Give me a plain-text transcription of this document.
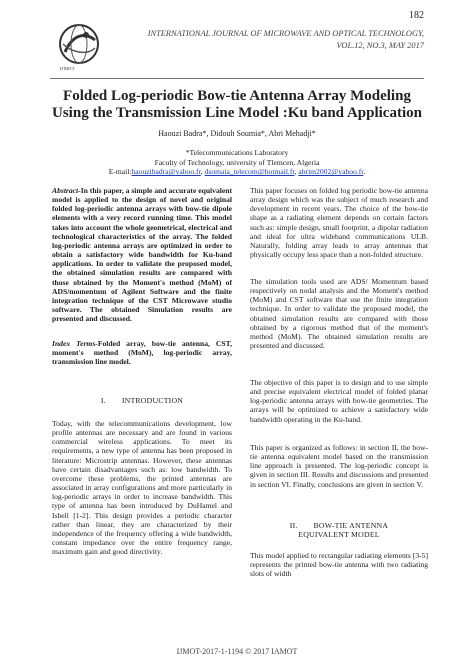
182
IJMOT
INTERNATIONAL JOURNAL OF MICROWAVE AND OPTICAL TECHNOLOGY,
VOL.12, NO.3, MAY 2017
Folded Log-periodic Bow-tie Antenna Array Modeling
Using the Transmission Line Model :Ku band Application
Haouzi Badra*, Didouh Soumia*, Abri Mehadji*
*Telecommunications Laboratory
Faculty of Technology, university of Tlemcen, Algeria
E-mail:haouzibadra@yahoo.fr, dsomaia_telecom@hotmail.fr, abrim2002@yahoo.fr.
Abstract-In this paper, a simple and accurate equivalent model is applied to the design of novel and original folded log-periodic antenna arrays with bow-tie dipole elements with a very record running time. This model takes into account the whole geometrical, electrical and technological characteristics of the array. The folded log-periodic antenna arrays are optimized in order to obtain a satisfactory wide bandwidth for Ku-band applications. In order to validate the proposed model, the obtained simulation results are compared with those obtained by the Moment's method (MoM) of ADS/momentum of Agilent Software and the finite integration technique of the CST Microwave studio software. The obtained Simulation results are presented and discussed.
Index Terms-Folded array, bow-tie antenna, CST, moment's method (MoM), log-periodic array, transmission line model.
I.  INTRODUCTION
Today, with the telecommunications development, low profile antennas are necessary and are found in various commercial wireless applications. To meet its requirements, a new type of antenna has been proposed in literature: Microstrip antennas. However, these antennas have certain disadvantages such as: low bandwidth. To overcome these problems, the printed antennas are associated in array configurations and more particularly in log-periodic arrays in order to increase bandwidth. This type of antenna has been introduced by DuHamel and Isbell [1-2]. This design provides a periodic character rather than linear, they are characterized by their independence of the frequency offering a wide bandwidth, constant impedance over the entire frequency range, maximum gain and good directivity.
This paper focuses on folded log periodic bow-tie antenna array design which was the subject of much research and development in recent years. The choice of the bow-tie shape as a radiating element depends on certain factors such as: simple design, small footprint, a dipolar radiation and ideal for ultra wideband communications ULB. Naturally, folding array leads to array antennas that physically occupy less space than a non-folded structure.
The simulation tools used are ADS/ Momentum based respectively on nodal analysis and the Moment's method (MoM) and CST software that use the finite integration technique. In order to validate the proposed model, the obtained simulation results are compared with those obtained by a rigorous method that of the moment's method (MoM). The obtained simulation results are presented and discussed.
The objective of this paper is to design and to use simple and precise equivalent electrical model of folded planar log-periodic antenna arrays with bow-tie geometries. The arrays will be optimized to achieve a satisfactory wide bandwidth operating in the Ku-band.
This paper is organized as follows: in section II, the bow-tie antenna equivalent model based on the transmission line approach is presented. The log-periodic concept is given in section III. Results and discussions and presented in section VI. Finally, conclusions are given in section V.
II.  BOW-TIE ANTENNA
EQUIVALENT MODEL
This model applied to rectangular radiating elements [3-5] represents the printed bow-tie antenna with two radiating slots of width
IJMOT-2017-1-1194 © 2017 IAMOT
